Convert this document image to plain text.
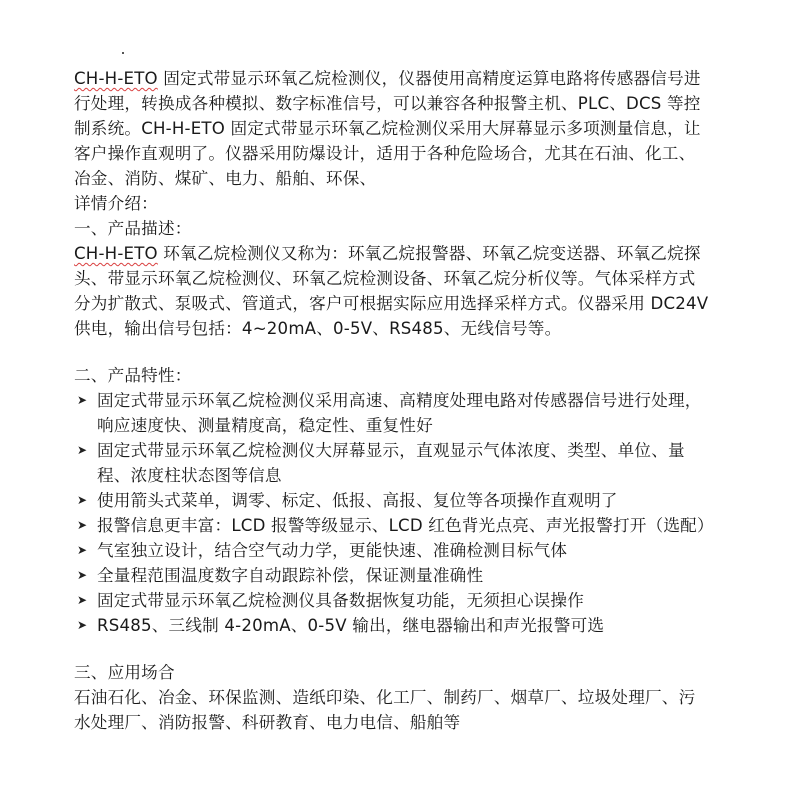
CH-H-ETO 固定式带显示环氧乙烷检测仪，仪器使用高精度运算电路将传感器信号进行处理，转换成各种模拟、数字标准信号，可以兼容各种报警主机、PLC、DCS 等控制系统。CH-H-ETO 固定式带显示环氧乙烷检测仪采用大屏幕显示多项测量信息，让客户操作直观明了。仪器采用防爆设计，适用于各种危险场合，尤其在石油、化工、冶金、消防、煤矿、电力、船舶、环保、

详情介绍：

一、产品描述：

CH-H-ETO 环氧乙烷检测仪又称为：环氧乙烷报警器、环氧乙烷变送器、环氧乙烷探头、带显示环氧乙烷检测仪、环氧乙烷检测设备、环氧乙烷分析仪等。气体采样方式分为扩散式、泵吸式、管道式，客户可根据实际应用选择采样方式。仪器采用 DC24V 供电，输出信号包括：4~20mA、0-5V、RS485、无线信号等。

二、产品特性：

➤ 固定式带显示环氧乙烷检测仪采用高速、高精度处理电路对传感器信号进行处理，响应速度快、测量精度高，稳定性、重复性好
➤ 固定式带显示环氧乙烷检测仪大屏幕显示，直观显示气体浓度、类型、单位、量程、浓度柱状态图等信息
➤ 使用箭头式菜单，调零、标定、低报、高报、复位等各项操作直观明了
➤ 报警信息更丰富：LCD 报警等级显示、LCD 红色背光点亮、声光报警打开（选配）
➤ 气室独立设计，结合空气动力学，更能快速、准确检测目标气体
➤ 全量程范围温度数字自动跟踪补偿，保证测量准确性
➤ 固定式带显示环氧乙烷检测仪具备数据恢复功能，无须担心误操作
➤ RS485、三线制 4-20mA、0-5V 输出，继电器输出和声光报警可选

三、应用场合

石油石化、冶金、环保监测、造纸印染、化工厂、制药厂、烟草厂、垃圾处理厂、污水处理厂、消防报警、科研教育、电力电信、船舶等
